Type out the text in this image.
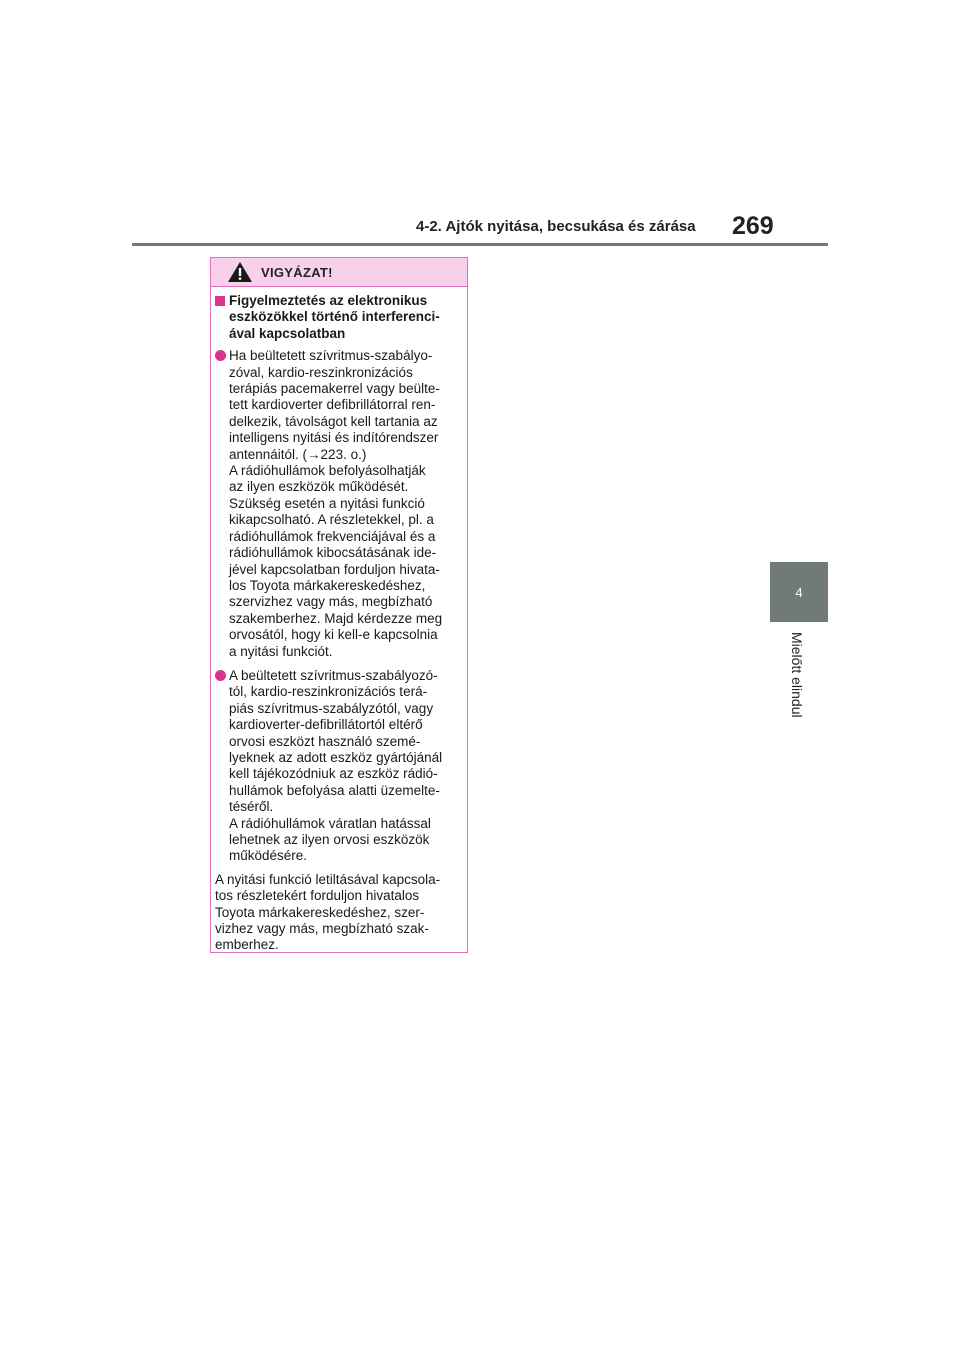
4-2. Ajtók nyitása, becsukása és zárása 269
4
Mielőtt elindul
VIGYÁZAT!
Figyelmeztetés az elektronikus
eszközökkel történő interferenci-
ával kapcsolatban
Ha beültetett szívritmus-szabályo-
zóval, kardio-reszinkronizációs
terápiás pacemakerrel vagy beülte-
tett kardioverter defibrillátorral ren-
delkezik, távolságot kell tartania az
intelligens nyitási és indítórendszer
antennáitól. (→223. o.)
A rádióhullámok befolyásolhatják
az ilyen eszközök működését.
Szükség esetén a nyitási funkció
kikapcsolható. A részletekkel, pl. a
rádióhullámok frekvenciájával és a
rádióhullámok kibocsátásának ide-
jével kapcsolatban forduljon hivata-
los Toyota márkakereskedéshez,
szervizhez vagy más, megbízható
szakemberhez. Majd kérdezze meg
orvosától, hogy ki kell-e kapcsolnia
a nyitási funkciót.
A beültetett szívritmus-szabályozó-
tól, kardio-reszinkronizációs terá-
piás szívritmus-szabályzótól, vagy
kardioverter-defibrillátortól eltérő
orvosi eszközt használó szemé-
lyeknek az adott eszköz gyártójánál
kell tájékozódniuk az eszköz rádió-
hullámok befolyása alatti üzemelte-
téséről.
A rádióhullámok váratlan hatással
lehetnek az ilyen orvosi eszközök
működésére.
A nyitási funkció letiltásával kapcsola-
tos részletekért forduljon hivatalos
Toyota márkakereskedéshez, szer-
vizhez vagy más, megbízható szak-
emberhez.
